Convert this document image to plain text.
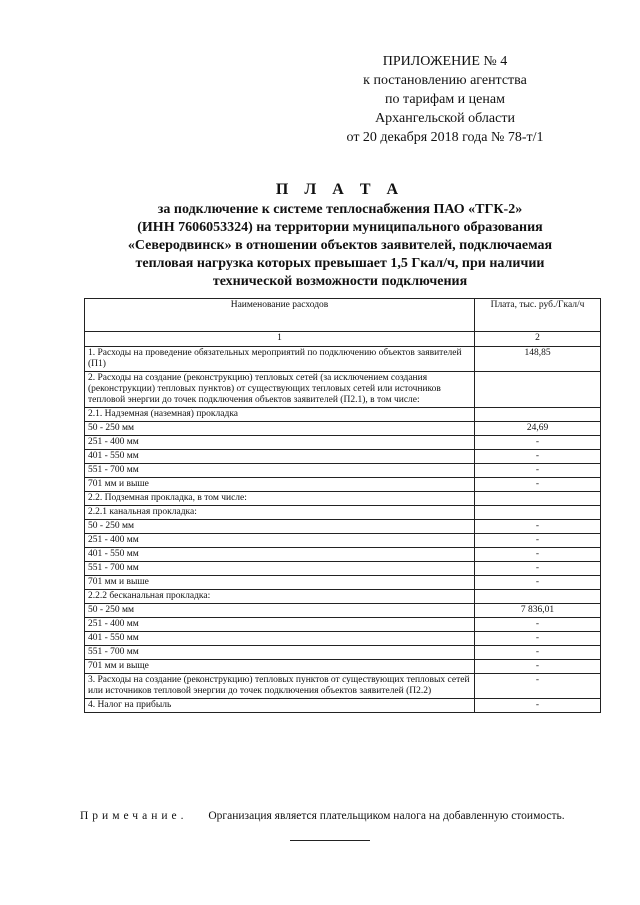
ПРИЛОЖЕНИЕ № 4
к постановлению агентства
по тарифам и ценам
Архангельской области
от 20 декабря 2018 года № 78-т/1
П Л А Т А
за подключение к системе теплоснабжения ПАО «ТГК-2»
(ИНН 7606053324) на территории муниципального образования
«Северодвинск» в отношении объектов заявителей, подключаемая
тепловая нагрузка которых превышает 1,5 Гкал/ч, при наличии
технической возможности подключения
Наименование расходов	Плата, тыс. руб./Гкал/ч
1	2
1. Расходы на проведение обязательных мероприятий по подключению объектов заявителей (П1)	148,85
2. Расходы на создание (реконструкцию) тепловых сетей (за исключением создания (реконструкции) тепловых пунктов) от существующих тепловых сетей или источников тепловой энергии до точек подключения объектов заявителей (П2.1), в том числе:	
2.1. Надземная (наземная) прокладка	
50 - 250 мм	24,69
251 - 400 мм	-
401 - 550 мм	-
551 - 700 мм	-
701 мм и выше	-
2.2. Подземная прокладка, в том числе:	
2.2.1 канальная прокладка:	
50 - 250 мм	-
251 - 400 мм	-
401 - 550 мм	-
551 - 700 мм	-
701 мм и выше	-
2.2.2 бесканальная прокладка:	
50 - 250 мм	7 836,01
251 - 400 мм	-
401 - 550 мм	-
551 - 700 мм	-
701 мм и выще	-
3. Расходы на создание (реконструкцию) тепловых пунктов от существующих тепловых сетей или источников тепловой энергии до точек подключения объектов заявителей (П2.2)	-
4. Налог на прибыль	-
Примечание. Организация является плательщиком налога на добавленную стоимость.
